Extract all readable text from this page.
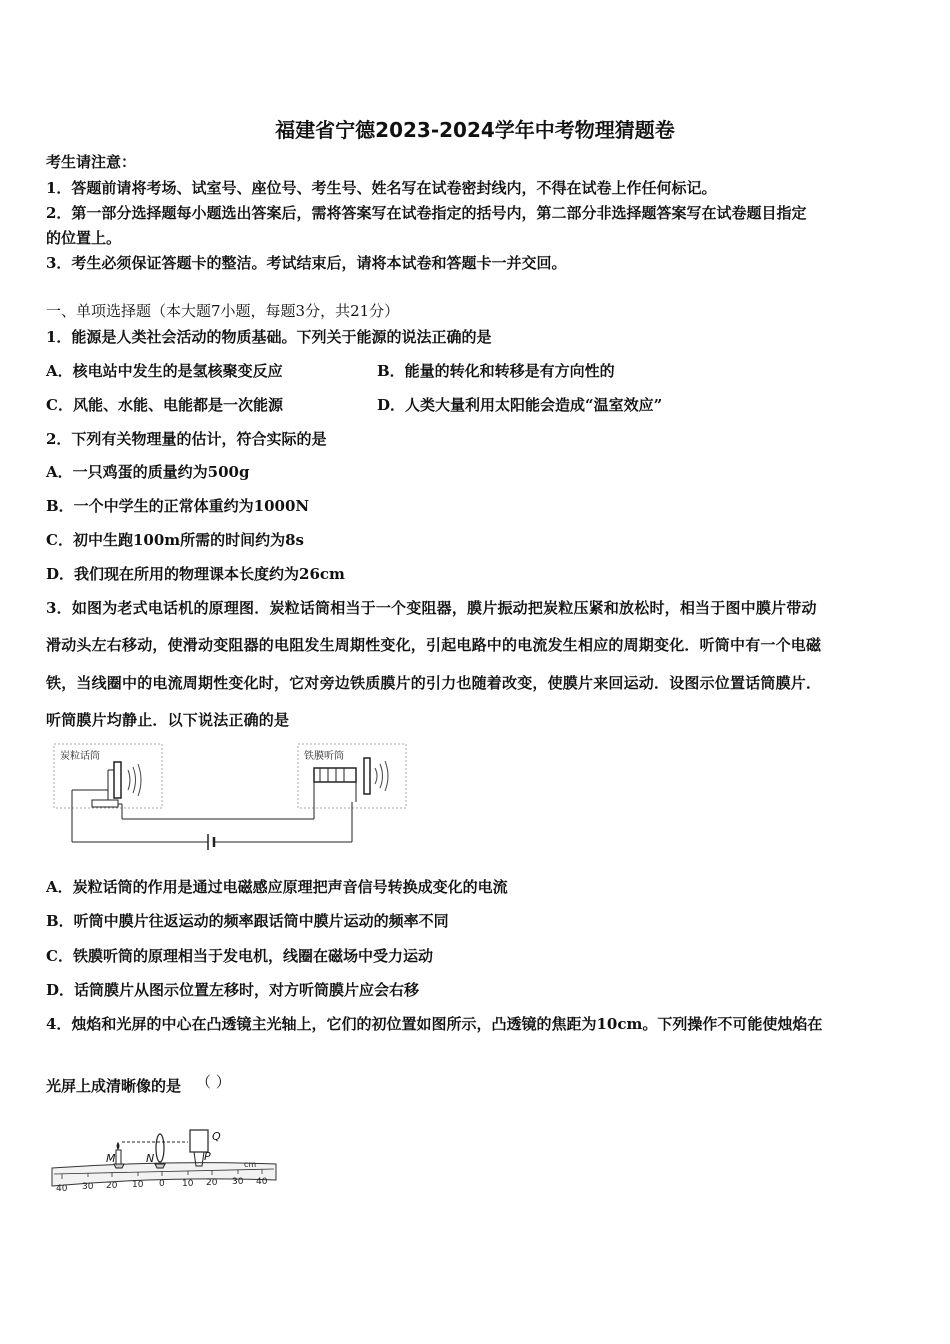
福建省宁德2023-2024学年中考物理猜题卷
考生请注意：
1．答题前请将考场、试室号、座位号、考生号、姓名写在试卷密封线内，不得在试卷上作任何标记。
2．第一部分选择题每小题选出答案后，需将答案写在试卷指定的括号内，第二部分非选择题答案写在试卷题目指定
的位置上。
3．考生必须保证答题卡的整洁。考试结束后，请将本试卷和答题卡一并交回。
一、单项选择题（本大题7小题，每题3分，共21分）
1．能源是人类社会活动的物质基础。下列关于能源的说法正确的是
A．核电站中发生的是氢核聚变反应	B．能量的转化和转移是有方向性的
C．风能、水能、电能都是一次能源	D．人类大量利用太阳能会造成“温室效应”
2．下列有关物理量的估计，符合实际的是
A．一只鸡蛋的质量约为500g
B．一个中学生的正常体重约为1000N
C．初中生跑100m所需的时间约为8s
D．我们现在所用的物理课本长度约为26cm
3．如图为老式电话机的原理图．炭粒话筒相当于一个变阻器，膜片振动把炭粒压紧和放松时，相当于图中膜片带动
滑动头左右移动，使滑动变阻器的电阻发生周期性变化，引起电路中的电流发生相应的周期变化．听筒中有一个电磁
铁，当线圈中的电流周期性变化时，它对旁边铁质膜片的引力也随着改变，使膜片来回运动．设图示位置话筒膜片．
听筒膜片均静止．以下说法正确的是
炭粒话筒	铁膜听筒
A．炭粒话筒的作用是通过电磁感应原理把声音信号转换成变化的电流
B．听筒中膜片往返运动的频率跟话筒中膜片运动的频率不同
C．铁膜听筒的原理相当于发电机，线圈在磁场中受力运动
D．话筒膜片从图示位置左移时，对方听筒膜片应会右移
4．烛焰和光屏的中心在凸透镜主光轴上，它们的初位置如图所示，凸透镜的焦距为10cm。下列操作不可能使烛焰在
光屏上成清晰像的是 （ ）
40 30 20 10 0 10 20 30 40
cm
M	N
Q
P
